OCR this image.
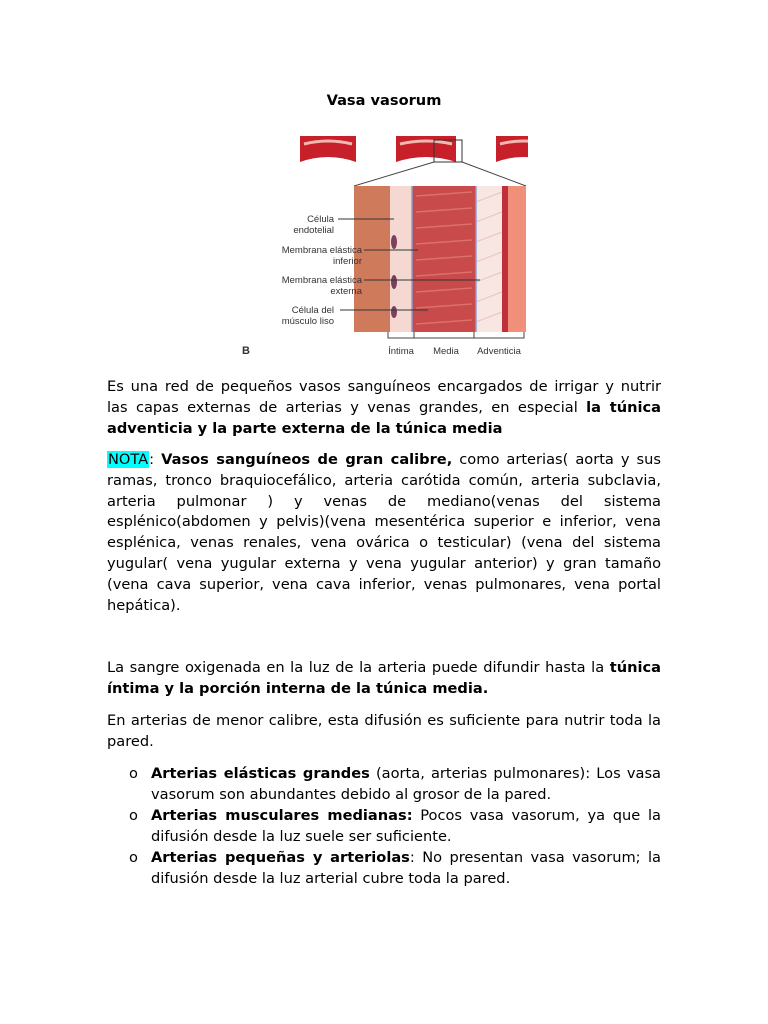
Vasa vasorum
Célula endotelial
Membrana elástica inferior
Membrana elástica externa
Célula del músculo liso
B	Íntima Media Adventicia

Es una red de pequeños vasos sanguíneos encargados de irrigar y nutrir las capas externas de arterias y venas grandes, en especial la túnica adventicia y la parte externa de la túnica media

NOTA: Vasos sanguíneos de gran calibre, como arterias( aorta y sus ramas, tronco braquiocefálico, arteria carótida común, arteria subclavia, arteria pulmonar ) y venas de mediano(venas del sistema esplénico(abdomen y pelvis)(vena mesentérica superior e inferior, vena esplénica, venas renales, vena ovárica o testicular) (vena del sistema yugular( vena yugular externa y vena yugular anterior) y gran tamaño (vena cava superior, vena cava inferior, venas pulmonares, vena portal hepática).

La sangre oxigenada en la luz de la arteria puede difundir hasta la túnica íntima y la porción interna de la túnica media.

En arterias de menor calibre, esta difusión es suficiente para nutrir toda la pared.

o Arterias elásticas grandes (aorta, arterias pulmonares): Los vasa vasorum son abundantes debido al grosor de la pared.
o Arterias musculares medianas: Pocos vasa vasorum, ya que la difusión desde la luz suele ser suficiente.
o Arterias pequeñas y arteriolas: No presentan vasa vasorum; la difusión desde la luz arterial cubre toda la pared.
